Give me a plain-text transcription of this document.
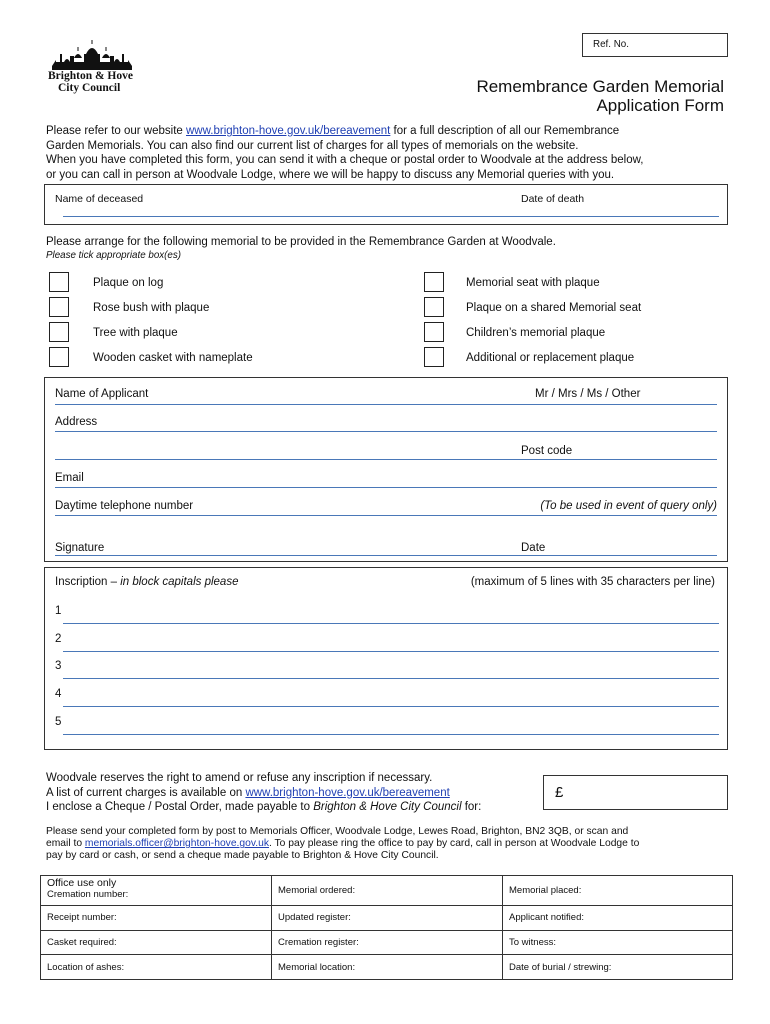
Ref. No.
Brighton & Hove
City Council	Remembrance Garden Memorial
Application Form
Please refer to our website www.brighton-hove.gov.uk/bereavement for a full description of all our Remembrance
Garden Memorials. You can also find our current list of charges for all types of memorials on the website.
When you have completed this form, you can send it with a cheque or postal order to Woodvale at the address below,
or you can call in person at Woodvale Lodge, where we will be happy to discuss any Memorial queries with you.
Name of deceased	Date of death
Please arrange for the following memorial to be provided in the Remembrance Garden at Woodvale.
Please tick appropriate box(es)
Plaque on log
Rose bush with plaque
Tree with plaque
Wooden casket with nameplate
Memorial seat with plaque
Plaque on a shared Memorial seat
Children’s memorial plaque
Additional or replacement plaque
Name of Applicant	Mr / Mrs / Ms / Other
Address
Post code
Email
Daytime telephone number	(To be used in event of query only)
Signature	Date
Inscription – in block capitals please	(maximum of 5 lines with 35 characters per line)
1
2
3
4
5
Woodvale reserves the right to amend or refuse any inscription if necessary.
A list of current charges is available on www.brighton-hove.gov.uk/bereavement
I enclose a Cheque / Postal Order, made payable to Brighton & Hove City Council for:
£
Please send your completed form by post to Memorials Officer, Woodvale Lodge, Lewes Road, Brighton, BN2 3QB, or scan and
email to memorials.officer@brighton-hove.gov.uk. To pay please ring the office to pay by card, call in person at Woodvale Lodge to
pay by card or cash, or send a cheque made payable to Brighton & Hove City Council.
Office use only
Cremation number:	Memorial ordered:	Memorial placed:
Receipt number:	Updated register:	Applicant notified:
Casket required:	Cremation register:	To witness:
Location of ashes:	Memorial location:	Date of burial / strewing:
